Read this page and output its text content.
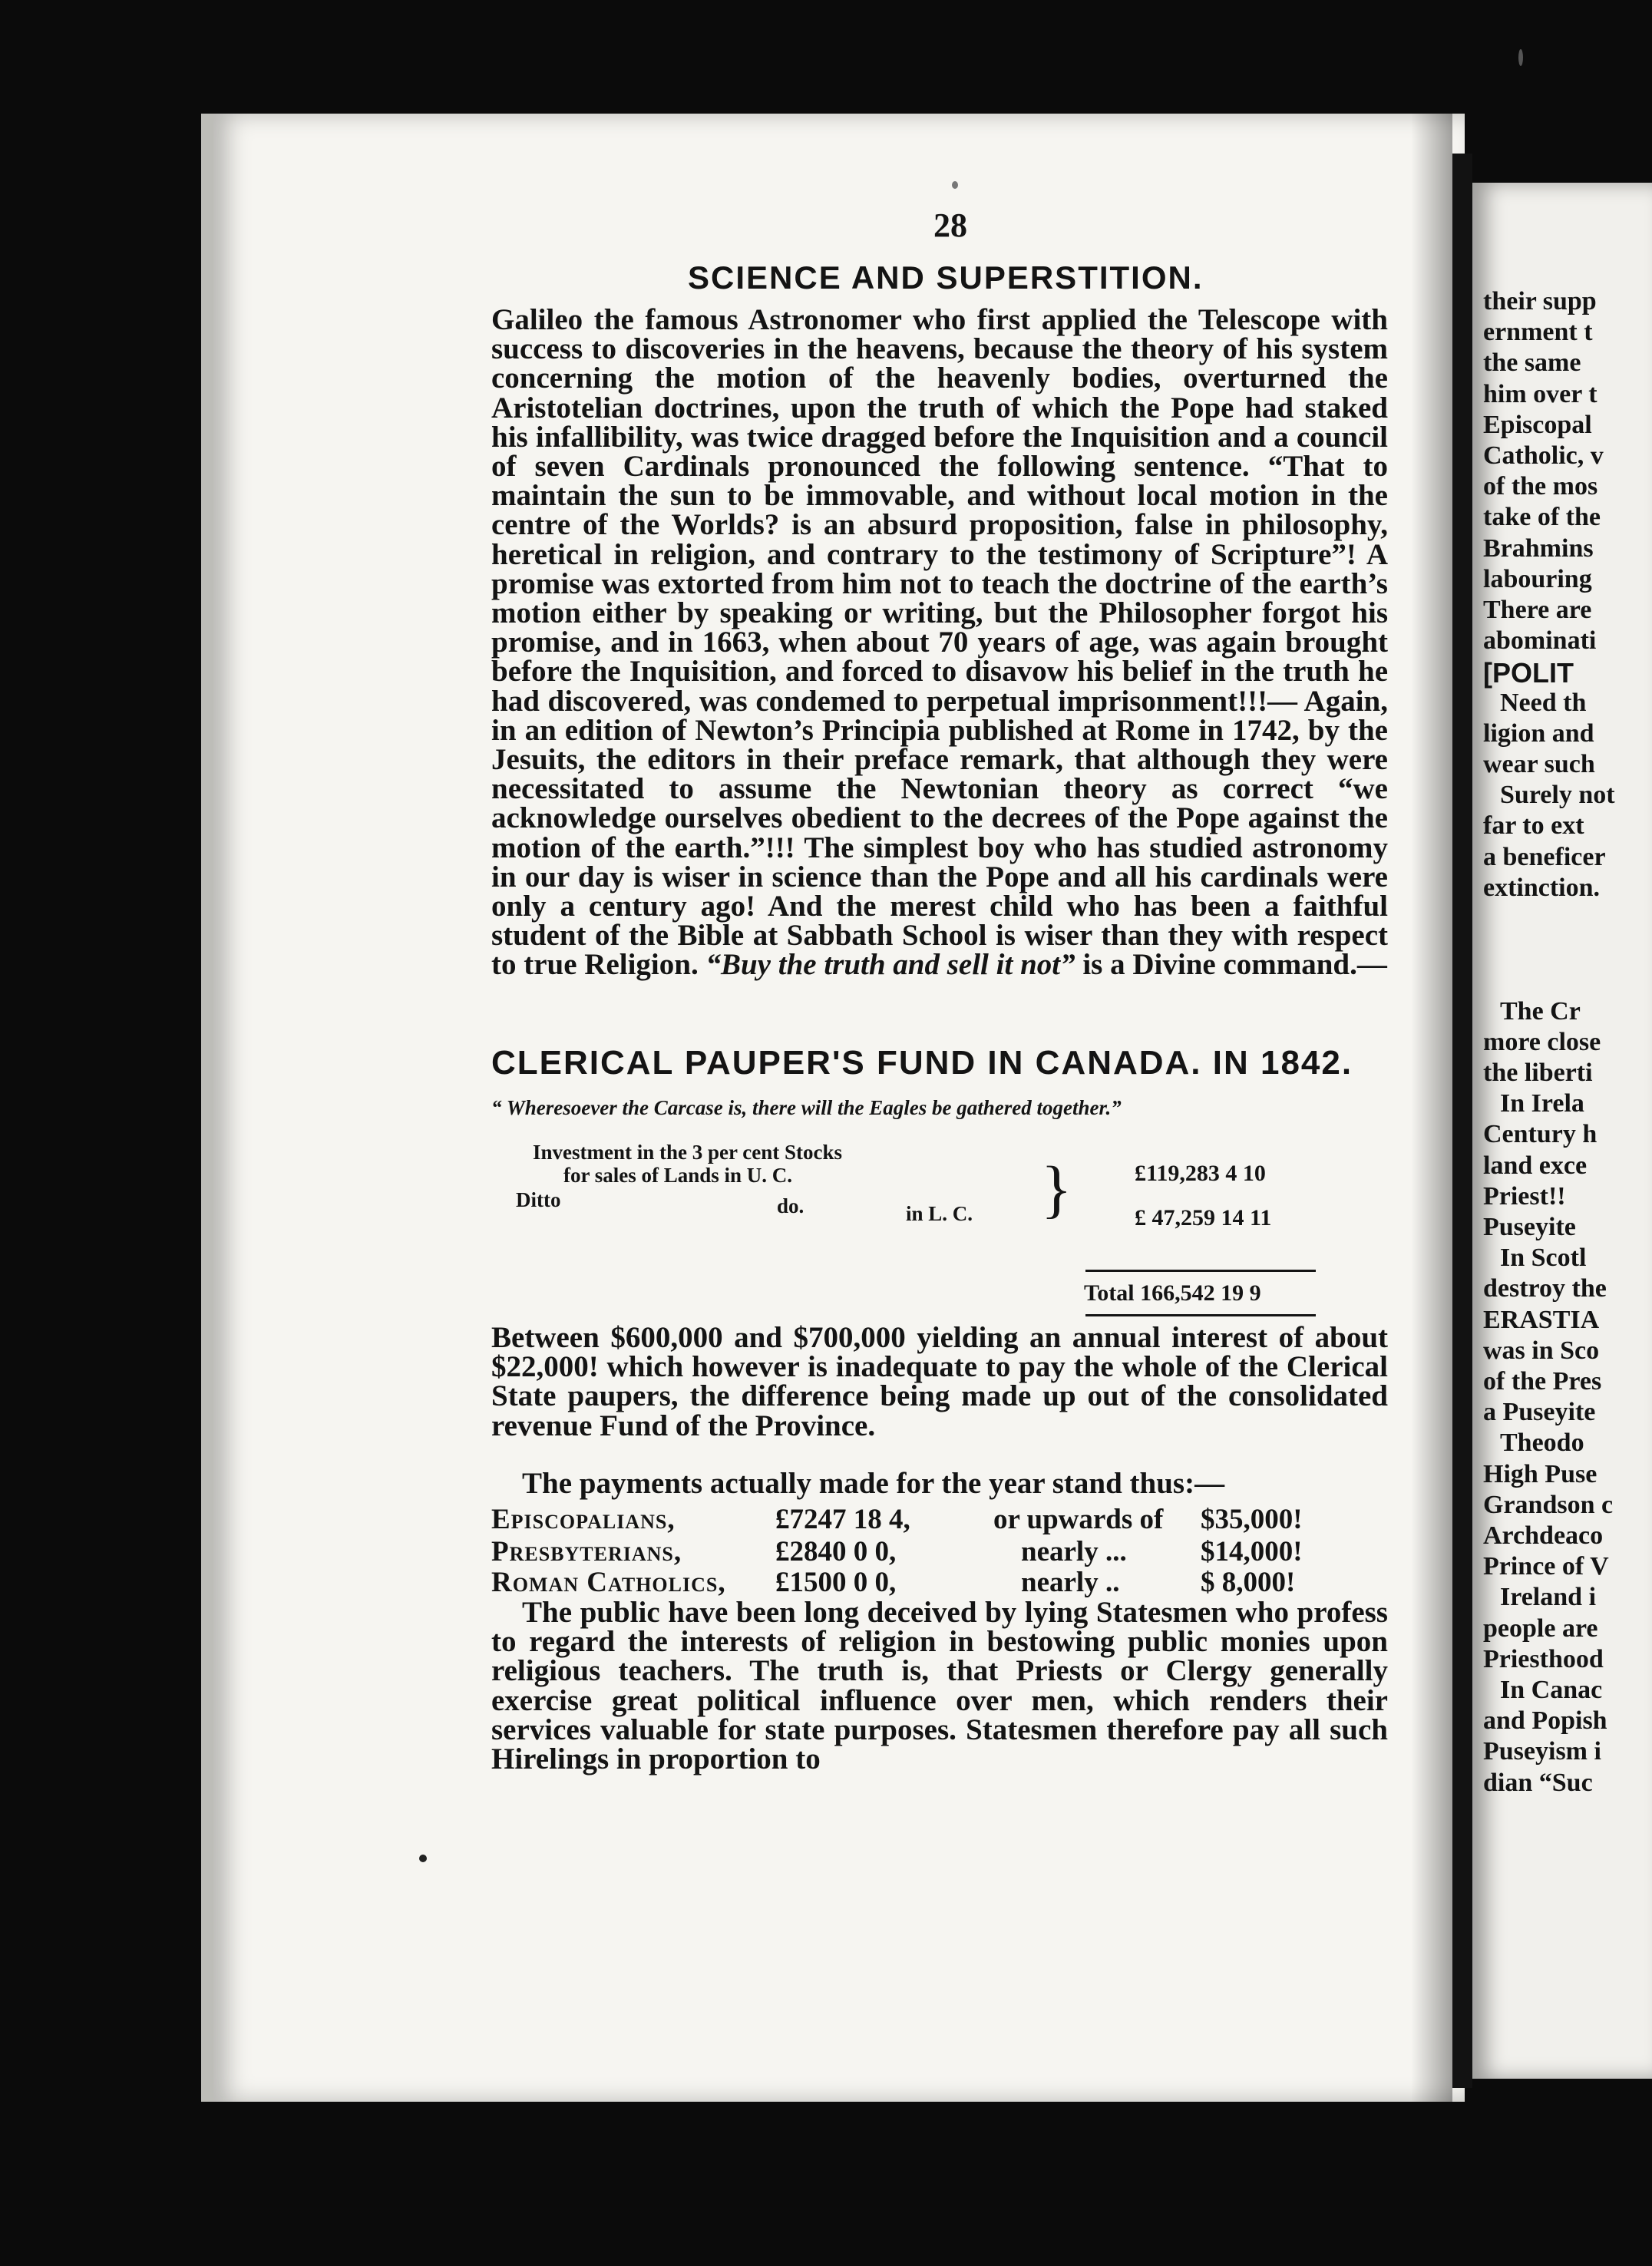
28
SCIENCE AND SUPERSTITION.

Galileo the famous Astronomer who first applied the Telescope with success to discoveries in the heavens, because the theory of his system concerning the motion of the heavenly bodies, overturned the Aristotelian doctrines, upon the truth of which the Pope had staked his infallibility, was twice dragged before the Inquisition and a council of seven Cardinals pronounced the following sentence. “That to maintain the sun to be immovable, and without local motion in the centre of the Worlds? is an absurd proposition, false in philosophy, heretical in religion, and contrary to the testimony of Scripture”! A promise was extorted from him not to teach the doctrine of the earth’s motion either by speaking or writing, but the Philosopher forgot his promise, and in 1663, when about 70 years of age, was again brought before the Inquisition, and forced to disavow his belief in the truth he had discovered, was condemed to perpetual imprisonment!!!— Again, in an edition of Newton’s Principia published at Rome in 1742, by the Jesuits, the editors in their preface remark, that although they were necessitated to assume the Newtonian theory as correct “we acknowledge ourselves obedient to the decrees of the Pope against the motion of the earth.”!!! The simplest boy who has studied astronomy in our day is wiser in science than the Pope and all his cardinals were only a century ago! And the merest child who has been a faithful student of the Bible at Sabbath School is wiser than they with respect to true Religion. “Buy the truth and sell it not” is a Divine command.—

CLERICAL PAUPER'S FUND IN CANADA. IN 1842.
“ Wheresoever the Carcase is, there will the Eagles be gathered together.”
Investment in the 3 per cent Stocks
for sales of Lands in U. C.
Ditto	do.	in L. C. }	£119,283 4 10
£ 47,259 14 11
Total 166,542 19 9

Between $600,000 and $700,000 yielding an annual interest of about $22,000! which however is inadequate to pay the whole of the Clerical State paupers, the difference being made up out of the consolidated revenue Fund of the Province.

The payments actually made for the year stand thus:—

Episcopalians,	£7247 18 4,	or upwards of $35,000!
Presbyterians,	£2840 0 0,	nearly ...	$14,000!
Roman Catholics, £1500 0 0,	nearly ..	$ 8,000!

The public have been long deceived by lying Statesmen who profess to regard the interests of religion in bestowing public monies upon religious teachers. The truth is, that Priests or Clergy generally exercise great political influence over men, which renders their services valuable for state purposes. Statesmen therefore pay all such Hirelings in proportion to

their supp
ernment t
the same
him over t
Episcopal
Catholic, v
of the mos
take of the
Brahmins
labouring
There are
abominati
[POLIT
Need th
ligion and
wear such
Surely not
far to ext
a beneficer
extinction.
The Cr
more close
the liberti
In Irela
Century h
land exce
Priest!!
Puseyite
In Scotl
destroy the
ERASTIA
was in Sco
of the Pres
a Puseyite
Theodo
High Puse
Grandson c
Archdeaco
Prince of V
Ireland i
people are
Priesthood
In Canac
and Popish
Puseyism i
dian “Suc
